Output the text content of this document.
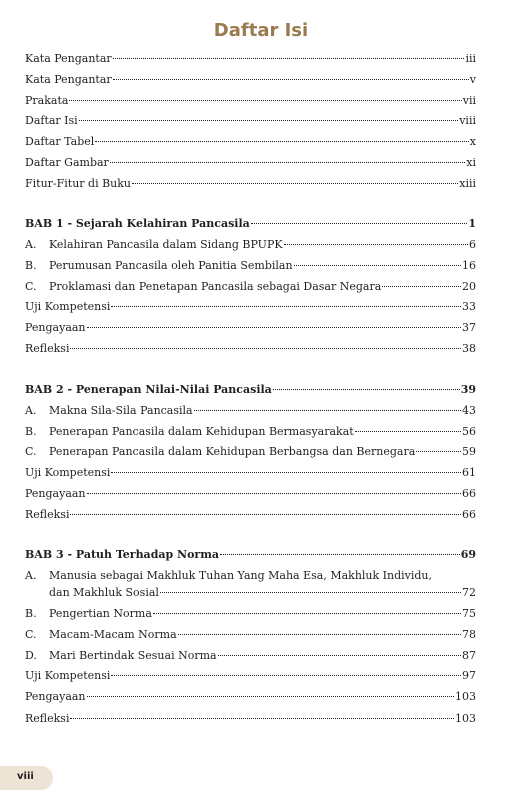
Daftar Isi
Kata Pengantar	iii
Kata Pengantar	v
Prakata	vii
Daftar Isi	viii
Daftar Tabel	x
Daftar Gambar	xi
Fitur-Fitur di Buku	xiii
BAB 1 - Sejarah Kelahiran Pancasila	1
A.	Kelahiran Pancasila dalam Sidang BPUPK	6
B.	Perumusan Pancasila oleh Panitia Sembilan	16
C.	Proklamasi dan Penetapan Pancasila sebagai Dasar Negara	20
Uji Kompetensi	33
Pengayaan	37
Refleksi	38
BAB 2 - Penerapan Nilai-Nilai Pancasila	39
A.	Makna Sila-Sila Pancasila	43
B.	Penerapan Pancasila dalam Kehidupan Bermasyarakat	56
C.	Penerapan Pancasila dalam Kehidupan Berbangsa dan Bernegara	59
Uji Kompetensi	61
Pengayaan	66
Refleksi	66
BAB 3 - Patuh Terhadap Norma	69
A.	Manusia sebagai Makhluk Tuhan Yang Maha Esa, Makhluk Individu,
dan Makhluk Sosial	72
B.	Pengertian Norma	75
C.	Macam-Macam Norma	78
D.	Mari Bertindak Sesuai Norma	87
Uji Kompetensi	97
Pengayaan	103
Refleksi	103
viii
